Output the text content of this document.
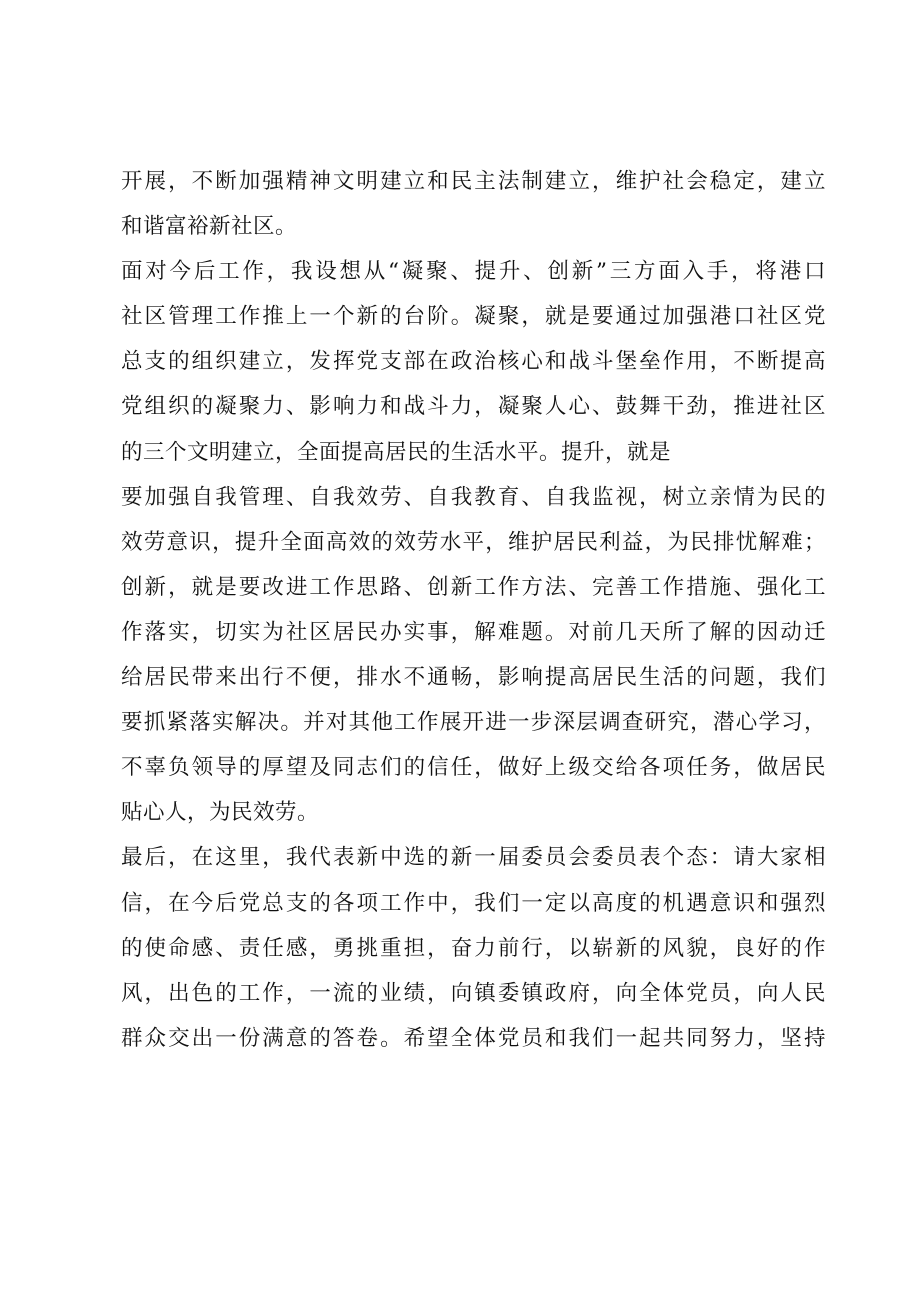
开展，不断加强精神文明建立和民主法制建立，维护社会稳定，建立
和谐富裕新社区。
面对今后工作，我设想从“凝聚、提升、创新”三方面入手，将港口
社区管理工作推上一个新的台阶。凝聚，就是要通过加强港口社区党
总支的组织建立，发挥党支部在政治核心和战斗堡垒作用，不断提高
党组织的凝聚力、影响力和战斗力，凝聚人心、鼓舞干劲，推进社区
的三个文明建立，全面提高居民的生活水平。提升，就是
要加强自我管理、自我效劳、自我教育、自我监视，树立亲情为民的
效劳意识，提升全面高效的效劳水平，维护居民利益，为民排忧解难；
创新，就是要改进工作思路、创新工作方法、完善工作措施、强化工
作落实，切实为社区居民办实事，解难题。对前几天所了解的因动迁
给居民带来出行不便，排水不通畅，影响提高居民生活的问题，我们
要抓紧落实解决。并对其他工作展开进一步深层调查研究，潜心学习，
不辜负领导的厚望及同志们的信任，做好上级交给各项任务，做居民
贴心人，为民效劳。
最后，在这里，我代表新中选的新一届委员会委员表个态：请大家相
信，在今后党总支的各项工作中，我们一定以高度的机遇意识和强烈
的使命感、责任感，勇挑重担，奋力前行，以崭新的风貌，良好的作
风，出色的工作，一流的业绩，向镇委镇政府，向全体党员，向人民
群众交出一份满意的答卷。希望全体党员和我们一起共同努力，坚持
